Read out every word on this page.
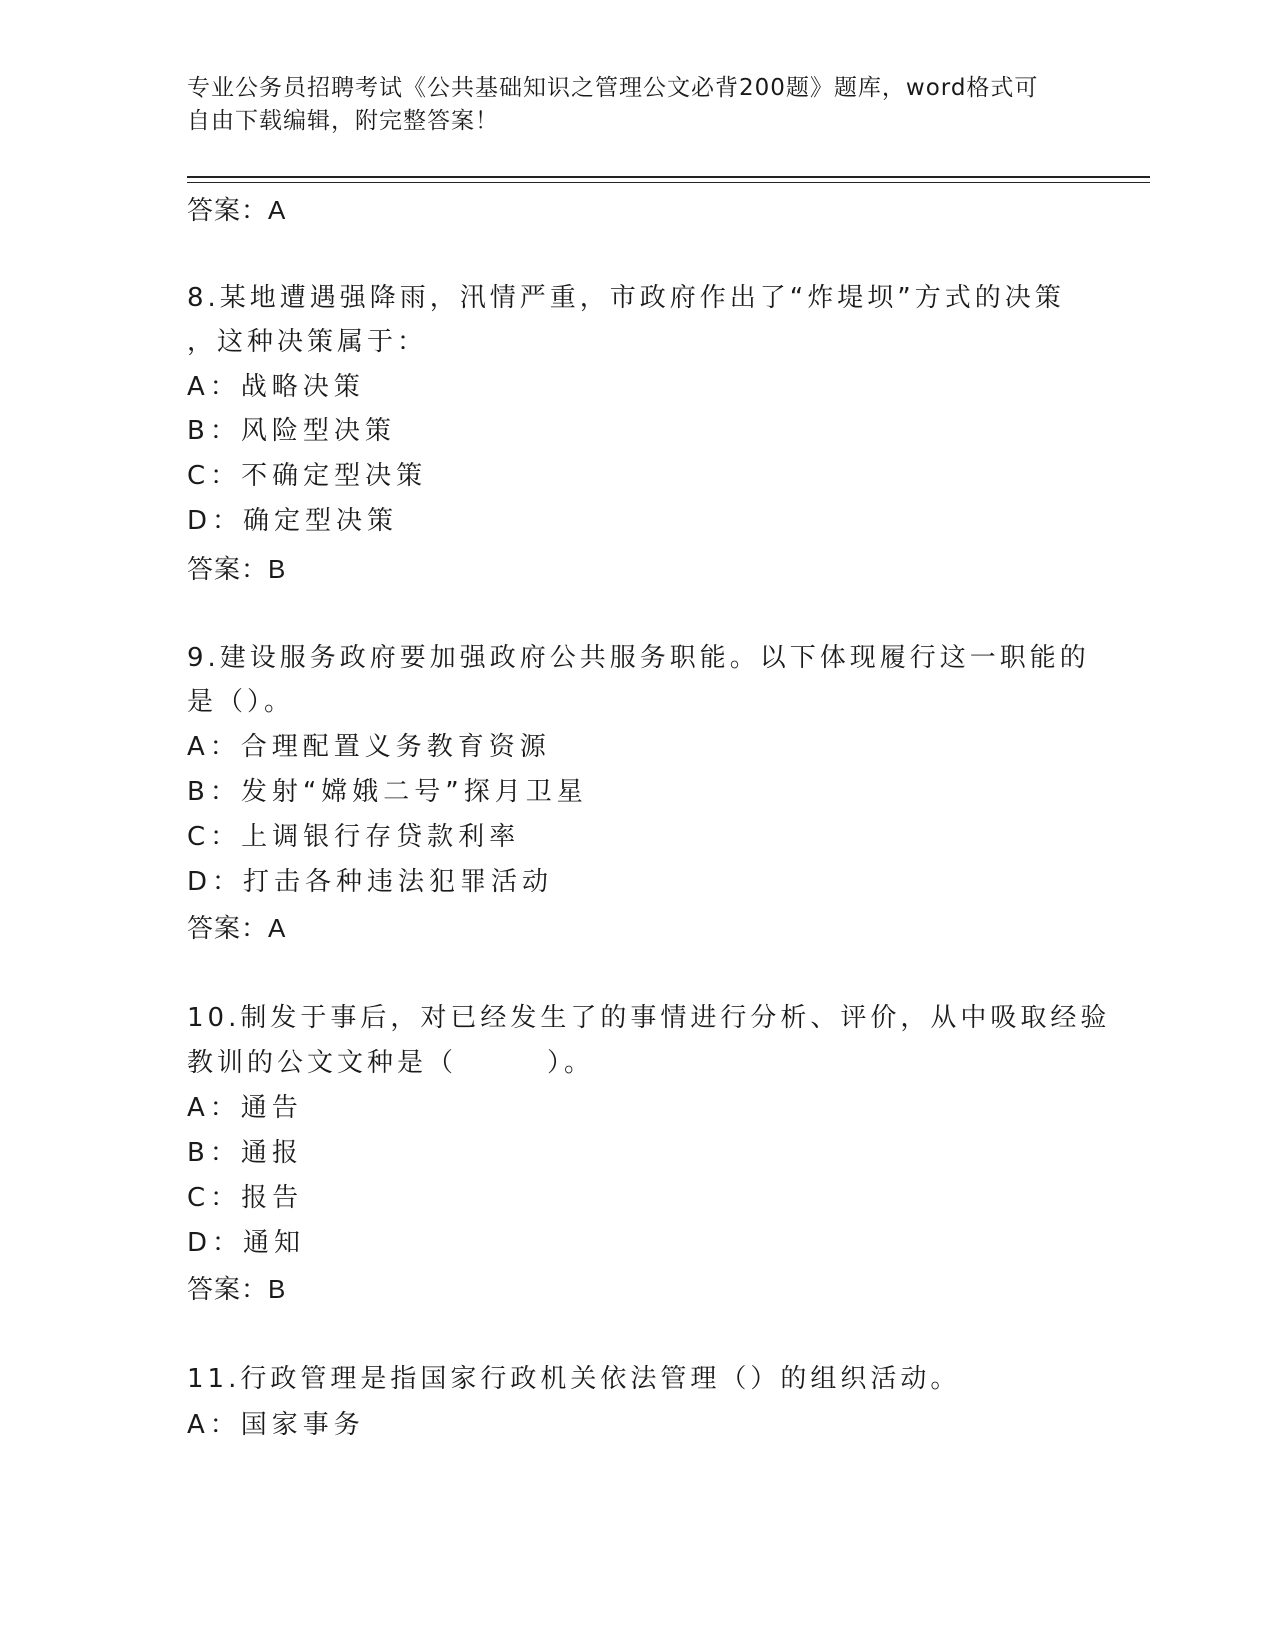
专业公务员招聘考试《公共基础知识之管理公文必背200题》题库，word格式可
自由下载编辑，附完整答案！

答案：A

8.某地遭遇强降雨，汛情严重，市政府作出了“炸堤坝”方式的决策

，这种决策属于：

A：战略决策

B：风险型决策

C：不确定型决策

D：确定型决策

答案：B

9.建设服务政府要加强政府公共服务职能。以下体现履行这一职能的

是（）。

A：合理配置义务教育资源

B：发射“嫦娥二号”探月卫星

C：上调银行存贷款利率

D：打击各种违法犯罪活动

答案：A

10.制发于事后，对已经发生了的事情进行分析、评价，从中吸取经验

教训的公文文种是（　　　）。

A：通告

B：通报

C：报告

D：通知

答案：B

11.行政管理是指国家行政机关依法管理（）的组织活动。

A：国家事务
